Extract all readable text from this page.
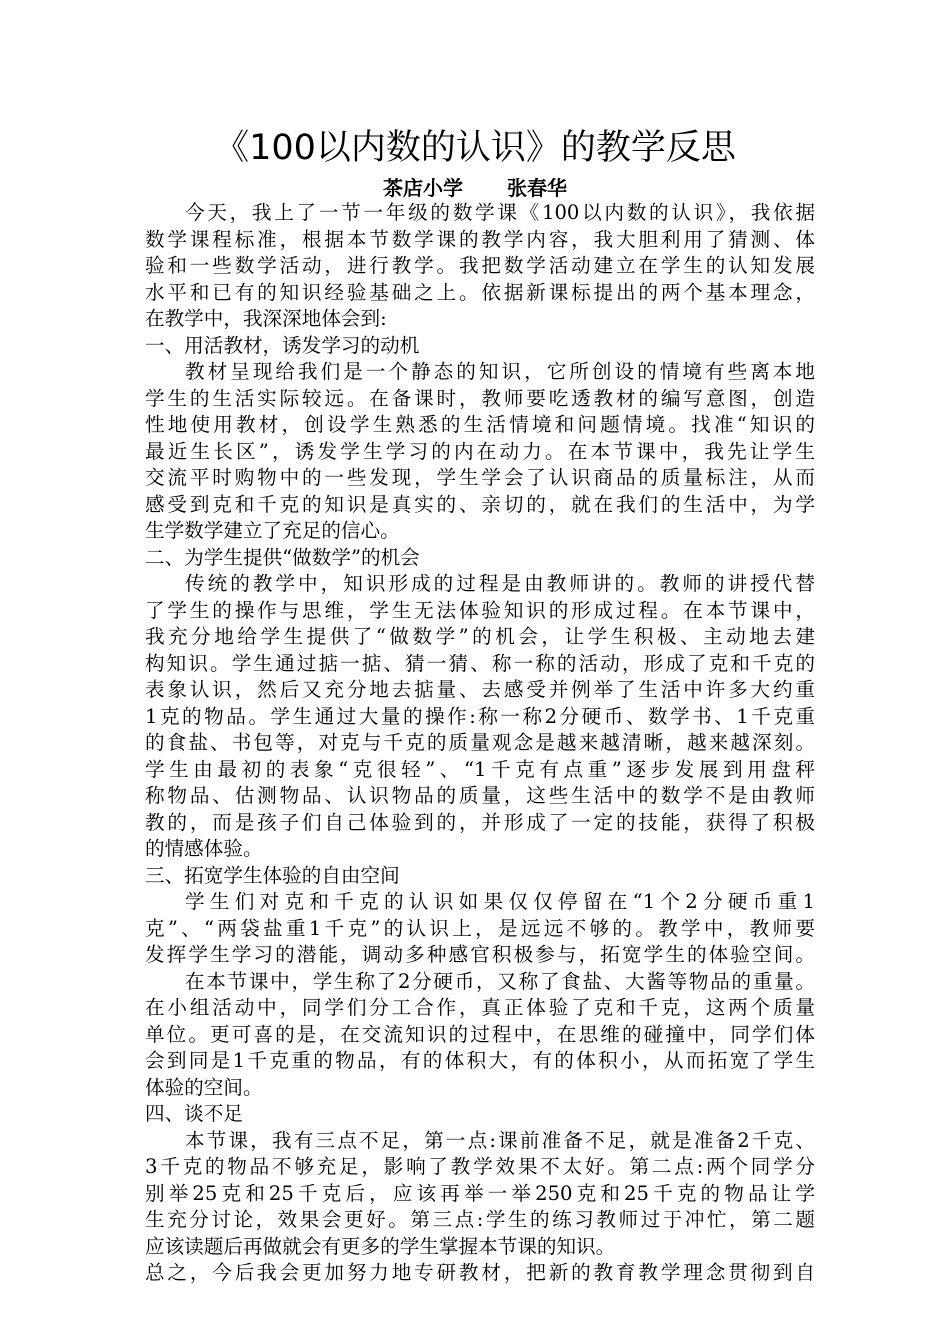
《100以内数的认识》的教学反思
茶店小学 张春华
今天，我上了一节一年级的数学课《100以内数的认识》，我依据
数学课程标准，根据本节数学课的教学内容，我大胆利用了猜测、体
验和一些数学活动，进行教学。我把数学活动建立在学生的认知发展
水平和已有的知识经验基础之上。依据新课标提出的两个基本理念，
在教学中，我深深地体会到:
一、用活教材，诱发学习的动机
教材呈现给我们是一个静态的知识，它所创设的情境有些离本地
学生的生活实际较远。在备课时，教师要吃透教材的编写意图，创造
性地使用教材，创设学生熟悉的生活情境和问题情境。找准“知识的
最近生长区”，诱发学生学习的内在动力。在本节课中，我先让学生
交流平时购物中的一些发现，学生学会了认识商品的质量标注，从而
感受到克和千克的知识是真实的、亲切的，就在我们的生活中，为学
生学数学建立了充足的信心。
二、为学生提供“做数学”的机会
传统的教学中，知识形成的过程是由教师讲的。教师的讲授代替
了学生的操作与思维，学生无法体验知识的形成过程。在本节课中，
我充分地给学生提供了“做数学”的机会，让学生积极、主动地去建
构知识。学生通过掂一掂、猜一猜、称一称的活动，形成了克和千克的
表象认识，然后又充分地去掂量、去感受并例举了生活中许多大约重
1克的物品。学生通过大量的操作:称一称2分硬币、数学书、1千克重
的食盐、书包等，对克与千克的质量观念是越来越清晰，越来越深刻。
学生由最初的表象“克很轻”、“1千克有点重”逐步发展到用盘秤
称物品、估测物品、认识物品的质量，这些生活中的数学不是由教师
教的，而是孩子们自己体验到的，并形成了一定的技能，获得了积极
的情感体验。
三、拓宽学生体验的自由空间
学生们对克和千克的认识如果仅仅停留在“1个2分硬币重1
克”、“两袋盐重1千克”的认识上，是远远不够的。教学中，教师要
发挥学生学习的潜能，调动多种感官积极参与，拓宽学生的体验空间。
在本节课中，学生称了2分硬币，又称了食盐、大酱等物品的重量。
在小组活动中，同学们分工合作，真正体验了克和千克，这两个质量
单位。更可喜的是，在交流知识的过程中，在思维的碰撞中，同学们体
会到同是1千克重的物品，有的体积大，有的体积小，从而拓宽了学生
体验的空间。
四、谈不足
本节课，我有三点不足，第一点:课前准备不足，就是准备2千克、
3千克的物品不够充足，影响了教学效果不太好。第二点:两个同学分
别举25克和25千克后，应该再举一举250克和25千克的物品让学
生充分讨论，效果会更好。第三点:学生的练习教师过于冲忙，第二题
应该读题后再做就会有更多的学生掌握本节课的知识。
总之，今后我会更加努力地专研教材，把新的教育教学理念贯彻到自
